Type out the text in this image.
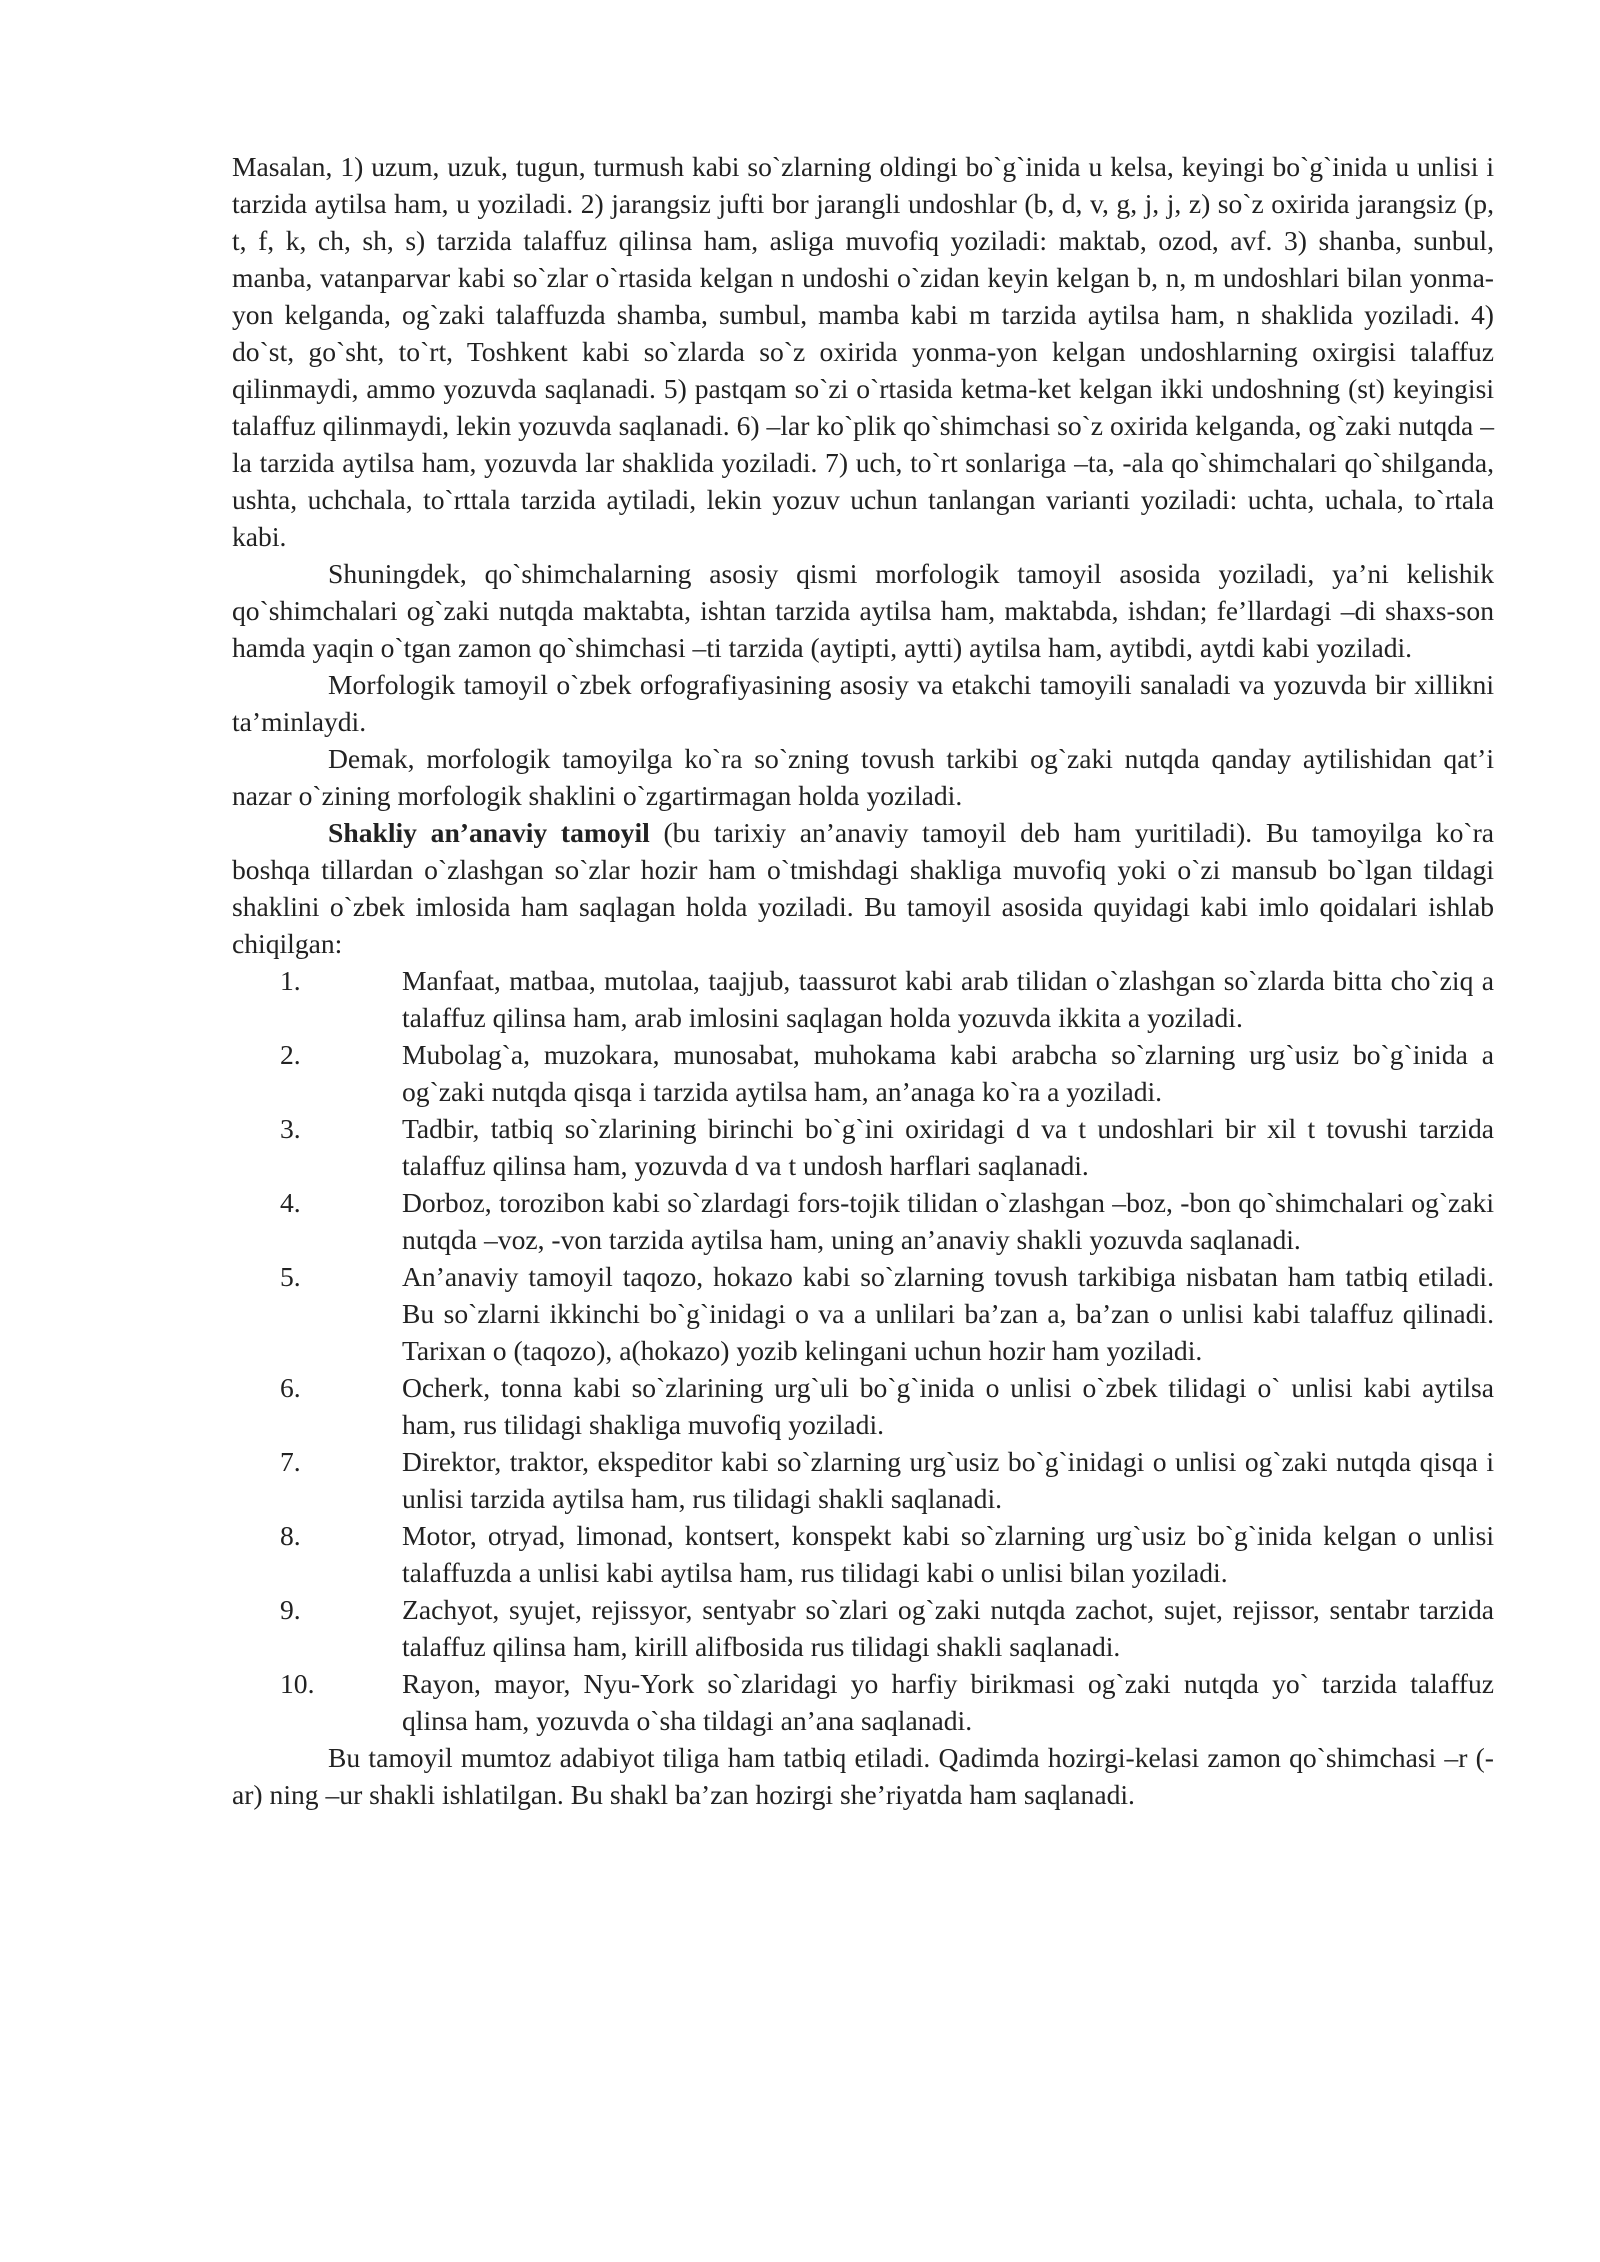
Masalan, 1) uzum, uzuk, tugun, turmush kabi so`zlarning oldingi bo`g`inida u kelsa, keyingi bo`g`inida u unlisi i tarzida aytilsa ham, u yoziladi. 2) jarangsiz jufti bor jarangli undoshlar (b, d, v, g, j, j, z) so`z oxirida jarangsiz (p, t, f, k, ch, sh, s) tarzida talaffuz qilinsa ham, asliga muvofiq yoziladi: maktab, ozod, avf. 3) shanba, sunbul, manba, vatanparvar kabi so`zlar o`rtasida kelgan n undoshi o`zidan keyin kelgan b, n, m undoshlari bilan yonma-yon kelganda, og`zaki talaffuzda shamba, sumbul, mamba kabi m tarzida aytilsa ham, n shaklida yoziladi. 4) do`st, go`sht, to`rt, Toshkent kabi so`zlarda so`z oxirida yonma-yon kelgan undoshlarning oxirgisi talaffuz qilinmaydi, ammo yozuvda saqlanadi. 5) pastqam so`zi o`rtasida ketma-ket kelgan ikki undoshning (st) keyingisi talaffuz qilinmaydi, lekin yozuvda saqlanadi. 6) –lar ko`plik qo`shimchasi so`z oxirida kelganda, og`zaki nutqda –la tarzida aytilsa ham, yozuvda lar shaklida yoziladi. 7) uch, to`rt sonlariga –ta, -ala qo`shimchalari qo`shilganda, ushta, uchchala, to`rttala tarzida aytiladi, lekin yozuv uchun tanlangan varianti yoziladi: uchta, uchala, to`rtala kabi.

Shuningdek, qo`shimchalarning asosiy qismi morfologik tamoyil asosida yoziladi, ya’ni kelishik qo`shimchalari og`zaki nutqda maktabta, ishtan tarzida aytilsa ham, maktabda, ishdan; fe’llardagi –di shaxs-son hamda yaqin o`tgan zamon qo`shimchasi –ti tarzida (aytipti, aytti) aytilsa ham, aytibdi, aytdi kabi yoziladi.

Morfologik tamoyil o`zbek orfografiyasining asosiy va etakchi tamoyili sanaladi va yozuvda bir xillikni ta’minlaydi.

Demak, morfologik tamoyilga ko`ra so`zning tovush tarkibi og`zaki nutqda qanday aytilishidan qat’i nazar o`zining morfologik shaklini o`zgartirmagan holda yoziladi.

Shakliy an’anaviy tamoyil (bu tarixiy an’anaviy tamoyil deb ham yuritiladi). Bu tamoyilga ko`ra boshqa tillardan o`zlashgan so`zlar hozir ham o`tmishdagi shakliga muvofiq yoki o`zi mansub bo`lgan tildagi shaklini o`zbek imlosida ham saqlagan holda yoziladi. Bu tamoyil asosida quyidagi kabi imlo qoidalari ishlab chiqilgan:

1.	Manfaat, matbaa, mutolaa, taajjub, taassurot kabi arab tilidan o`zlashgan so`zlarda bitta cho`ziq a talaffuz qilinsa ham, arab imlosini saqlagan holda yozuvda ikkita a yoziladi.
2.	Mubolag`a, muzokara, munosabat, muhokama kabi arabcha so`zlarning urg`usiz bo`g`inida a og`zaki nutqda qisqa i tarzida aytilsa ham, an’anaga ko`ra a yoziladi.
3.	Tadbir, tatbiq so`zlarining birinchi bo`g`ini oxiridagi d va t undoshlari bir xil t tovushi tarzida talaffuz qilinsa ham, yozuvda d va t undosh harflari saqlanadi.
4.	Dorboz, torozibon kabi so`zlardagi fors-tojik tilidan o`zlashgan –boz, -bon qo`shimchalari og`zaki nutqda –voz, -von tarzida aytilsa ham, uning an’anaviy shakli yozuvda saqlanadi.
5.	An’anaviy tamoyil taqozo, hokazo kabi so`zlarning tovush tarkibiga nisbatan ham tatbiq etiladi. Bu so`zlarni ikkinchi bo`g`inidagi o va a unlilari ba’zan a, ba’zan o unlisi kabi talaffuz qilinadi. Tarixan o (taqozo), a(hokazo) yozib kelingani uchun hozir ham yoziladi.
6.	Ocherk, tonna kabi so`zlarining urg`uli bo`g`inida o unlisi o`zbek tilidagi o` unlisi kabi aytilsa ham, rus tilidagi shakliga muvofiq yoziladi.
7.	Direktor, traktor, ekspeditor kabi so`zlarning urg`usiz bo`g`inidagi o unlisi og`zaki nutqda qisqa i unlisi tarzida aytilsa ham, rus tilidagi shakli saqlanadi.
8.	Motor, otryad, limonad, kontsert, konspekt kabi so`zlarning urg`usiz bo`g`inida kelgan o unlisi talaffuzda a unlisi kabi aytilsa ham, rus tilidagi kabi o unlisi bilan yoziladi.
9.	Zachyot, syujet, rejissyor, sentyabr so`zlari og`zaki nutqda zachot, sujet, rejissor, sentabr tarzida talaffuz qilinsa ham, kirill alifbosida rus tilidagi shakli saqlanadi.
10.	Rayon, mayor, Nyu-York so`zlaridagi yo harfiy birikmasi og`zaki nutqda yo` tarzida talaffuz qlinsa ham, yozuvda o`sha tildagi an’ana saqlanadi.

Bu tamoyil mumtoz adabiyot tiliga ham tatbiq etiladi. Qadimda hozirgi-kelasi zamon qo`shimchasi –r (-ar) ning –ur shakli ishlatilgan. Bu shakl ba’zan hozirgi she’riyatda ham saqlanadi.
